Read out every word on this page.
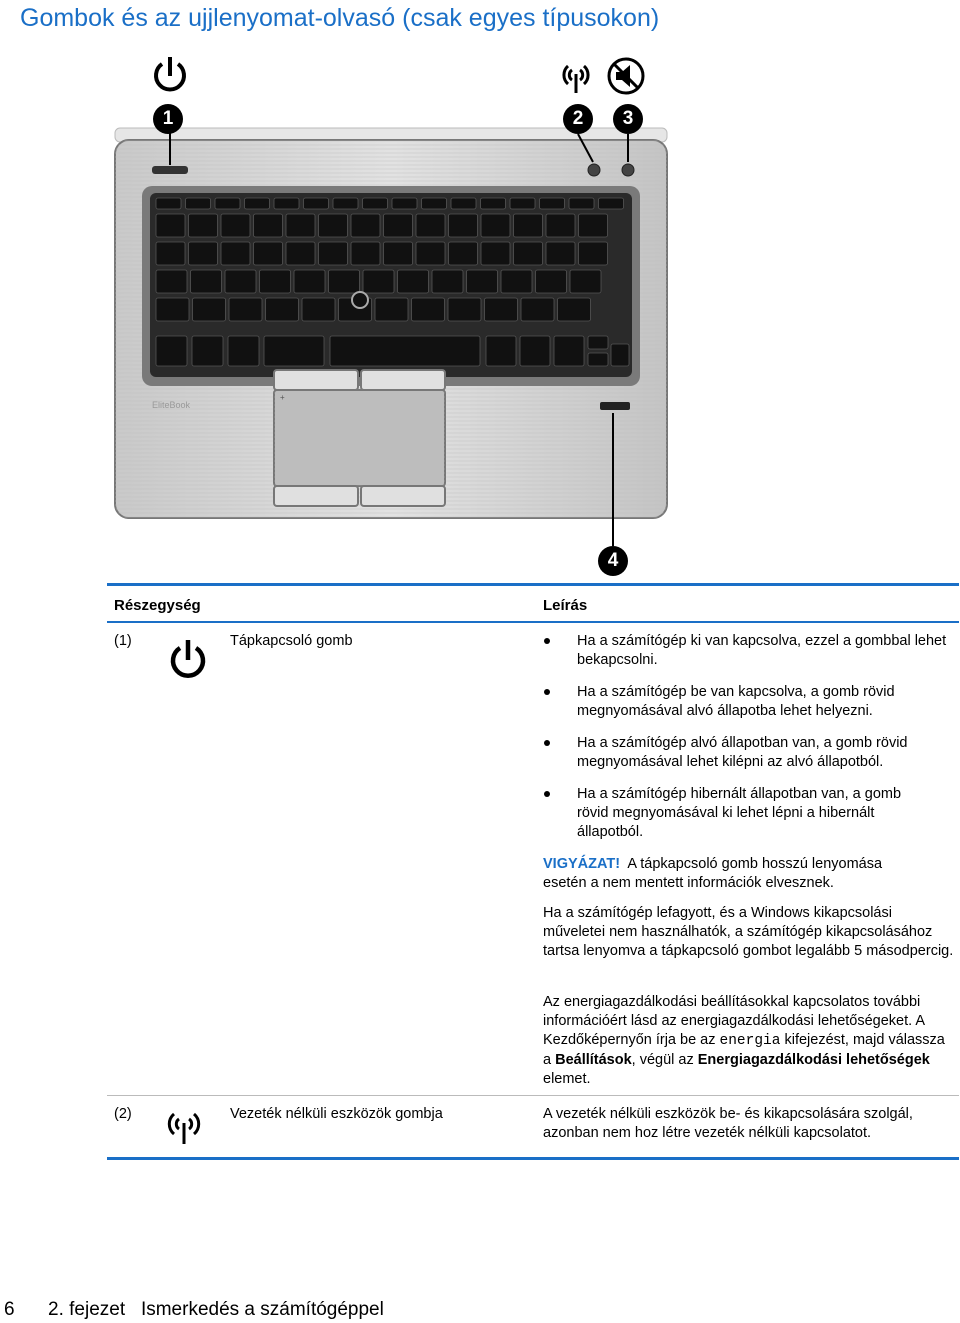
Gombok és az ujjlenyomat-olvasó (csak egyes típusokon)
EliteBook
+
1	2	3
4
Részegység	Leírás
(1)	Tápkapcsoló gomb	Ha a számítógép ki van kapcsolva, ezzel a gombbal lehet bekapcsolni.
Ha a számítógép be van kapcsolva, a gomb rövid megnyomásával alvó állapotba lehet helyezni.
Ha a számítógép alvó állapotban van, a gomb rövid megnyomásával lehet kilépni az alvó állapotból.
Ha a számítógép hibernált állapotban van, a gomb rövid megnyomásával ki lehet lépni a hibernált állapotból.
VIGYÁZAT! A tápkapcsoló gomb hosszú lenyomása esetén a nem mentett információk elvesznek.
Ha a számítógép lefagyott, és a Windows kikapcsolási műveletei nem használhatók, a számítógép kikapcsolásához tartsa lenyomva a tápkapcsoló gombot legalább 5 másodpercig.
Az energiagazdálkodási beállításokkal kapcsolatos további információért lásd az energiagazdálkodási lehetőségeket. A Kezdőképernyőn írja be az energia kifejezést, majd válassza a Beállítások, végül az Energiagazdálkodási lehetőségek elemet.
(2)	Vezeték nélküli eszközök gombja	A vezeték nélküli eszközök be- és kikapcsolására szolgál, azonban nem hoz létre vezeték nélküli kapcsolatot.
6 2. fejezet   Ismerkedés a számítógéppel
